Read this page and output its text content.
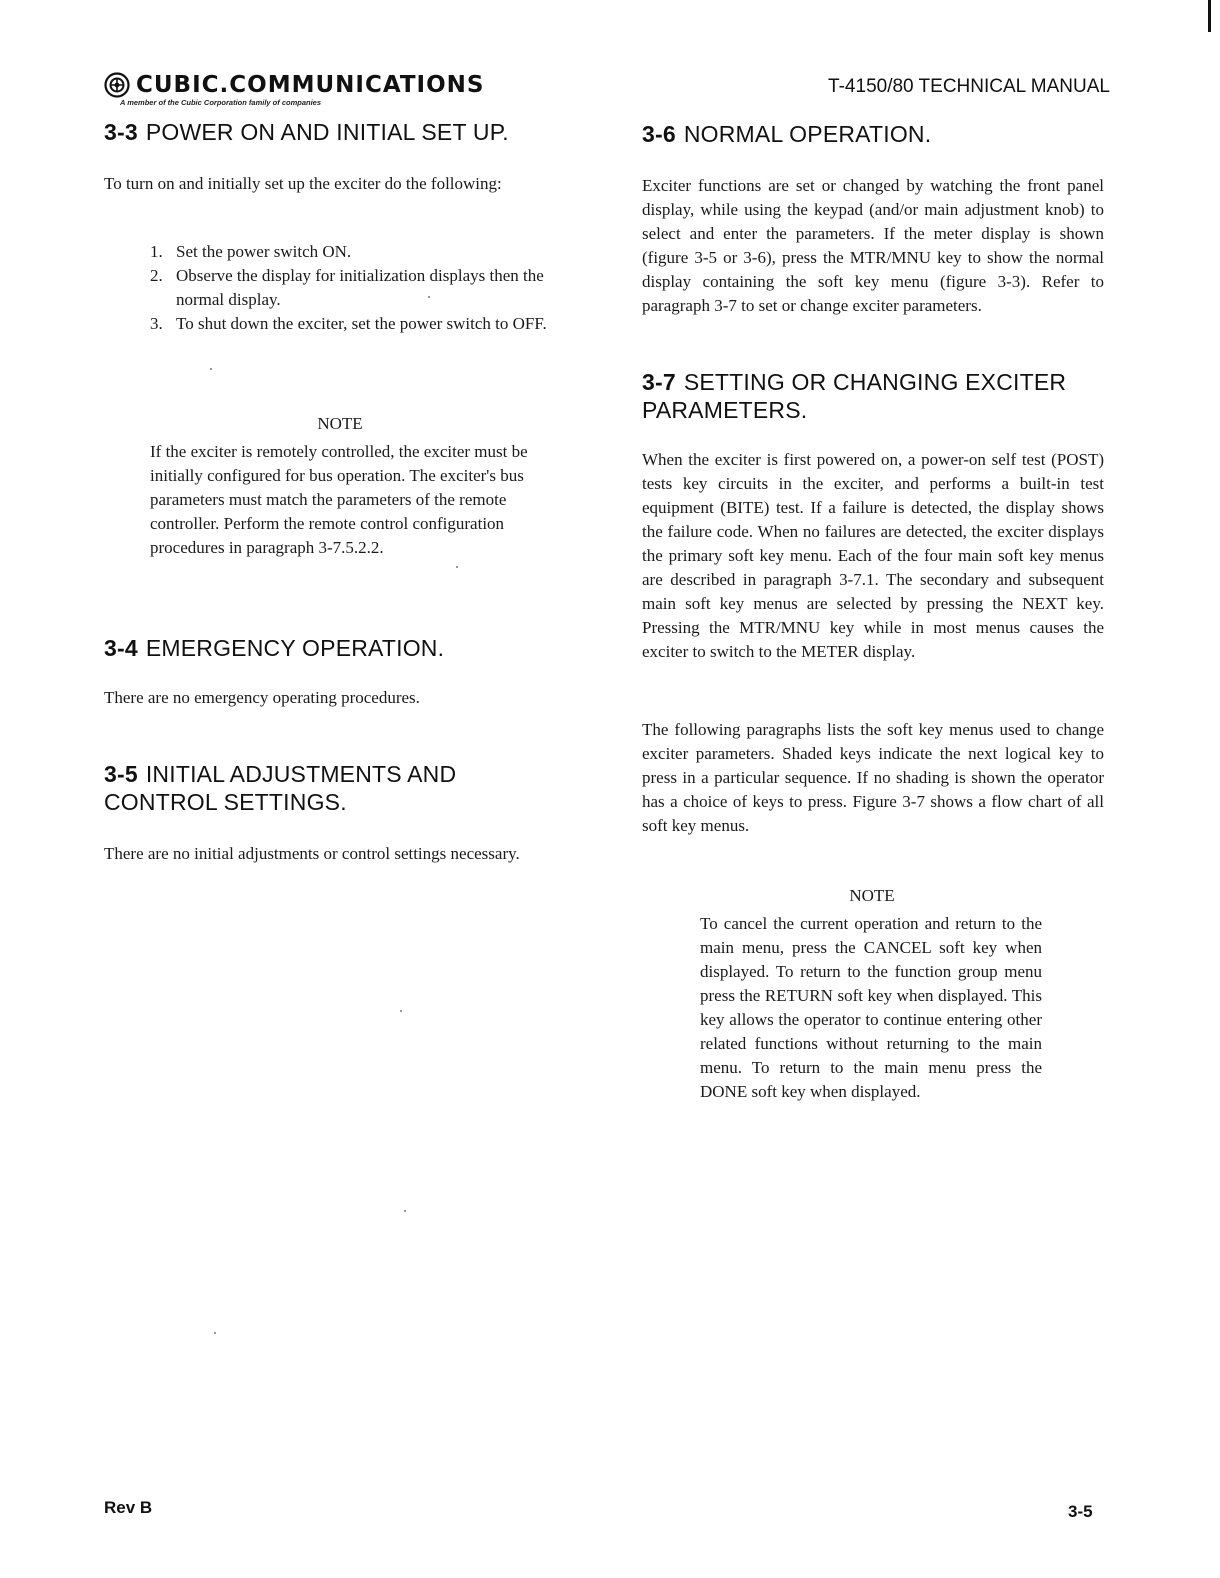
CUBIC.COMMUNICATIONS
A member of the Cubic Corporation family of companies
T-4150/80 TECHNICAL MANUAL
3-3 POWER ON AND INITIAL SET UP.

To turn on and initially set up the exciter do the following:

1. Set the power switch ON.
2. Observe the display for initialization displays then the normal display.
3. To shut down the exciter, set the power switch to OFF.
NOTE

If the exciter is remotely controlled, the exciter must be initially configured for bus operation. The exciter's bus parameters must match the parameters of the remote controller. Perform the remote control configuration procedures in paragraph 3-7.5.2.2.

3-4 EMERGENCY OPERATION.

There are no emergency operating procedures.

3-5 INITIAL ADJUSTMENTS AND
CONTROL SETTINGS.

There are no initial adjustments or control settings necessary.

3-6 NORMAL OPERATION.

Exciter functions are set or changed by watching the front panel display, while using the keypad (and/or main adjustment knob) to select and enter the parameters. If the meter display is shown (figure 3-5 or 3-6), press the MTR/MNU key to show the normal display containing the soft key menu (figure 3-3). Refer to paragraph 3-7 to set or change exciter parameters.

3-7 SETTING OR CHANGING EXCITER
PARAMETERS.

When the exciter is first powered on, a power-on self test (POST) tests key circuits in the exciter, and performs a built-in test equipment (BITE) test. If a failure is detected, the display shows the failure code. When no failures are detected, the exciter displays the primary soft key menu. Each of the four main soft key menus are described in paragraph 3-7.1. The secondary and subsequent main soft key menus are selected by pressing the NEXT key. Pressing the MTR/MNU key while in most menus causes the exciter to switch to the METER display.

The following paragraphs lists the soft key menus used to change exciter parameters. Shaded keys indicate the next logical key to press in a particular sequence. If no shading is shown the operator has a choice of keys to press. Figure 3-7 shows a flow chart of all soft key menus.

NOTE

To cancel the current operation and return to the main menu, press the CANCEL soft key when displayed. To return to the function group menu press the RETURN soft key when displayed. This key allows the operator to continue entering other related functions without returning to the main menu. To return to the main menu press the DONE soft key when displayed.

Rev B	3-5
